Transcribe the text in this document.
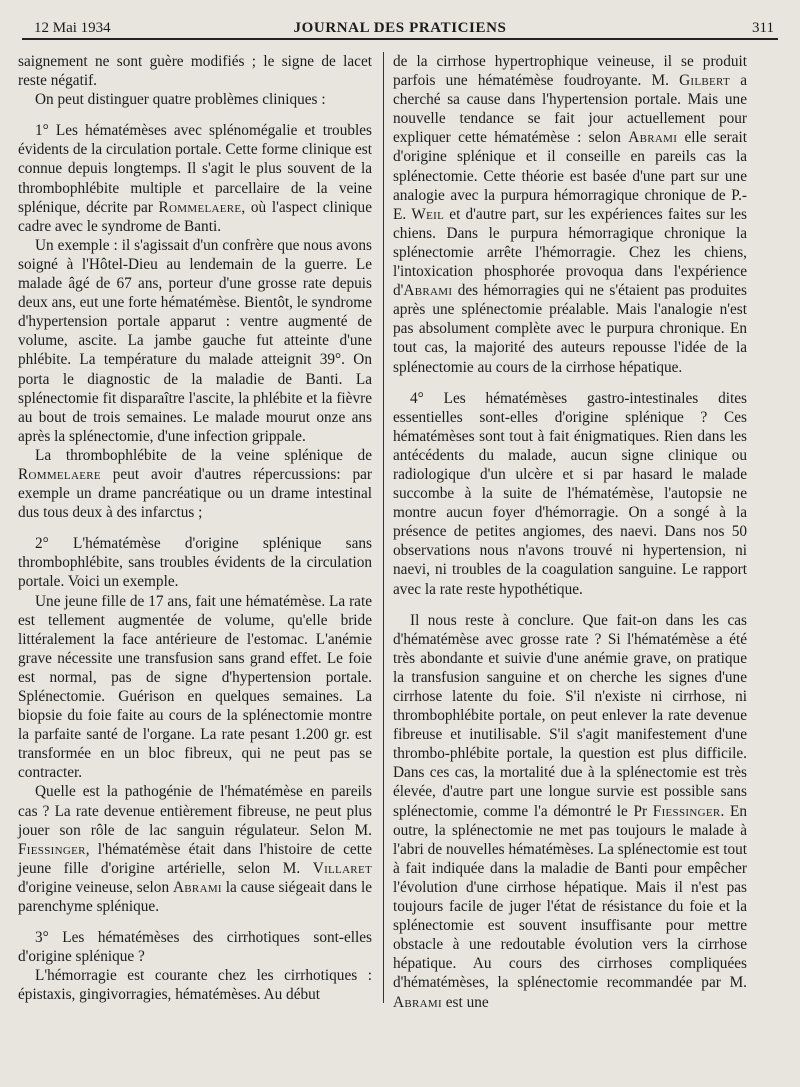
12 Mai 1934	JOURNAL DES PRATICIENS	311

saignement ne sont guère modifiés ; le signe de lacet reste négatif.

On peut distinguer quatre problèmes cliniques :

1° Les hématémèses avec splénomégalie et troubles évidents de la circulation portale. Cette forme clinique est connue depuis longtemps. Il s'agit le plus souvent de la thrombophlébite multiple et parcellaire de la veine splénique, décrite par Rommelaere, où l'aspect clinique cadre avec le syndrome de Banti.

Un exemple : il s'agissait d'un confrère que nous avons soigné à l'Hôtel-Dieu au lendemain de la guerre. Le malade âgé de 67 ans, porteur d'une grosse rate depuis deux ans, eut une forte hématémèse. Bientôt, le syndrome d'hypertension portale apparut : ventre augmenté de volume, ascite. La jambe gauche fut atteinte d'une phlébite. La température du malade atteignit 39°. On porta le diagnostic de la maladie de Banti. La splénectomie fit disparaître l'ascite, la phlébite et la fièvre au bout de trois semaines. Le malade mourut onze ans après la splénectomie, d'une infection grippale.

La thrombophlébite de la veine splénique de Rommelaere peut avoir d'autres répercussions: par exemple un drame pancréatique ou un drame intestinal dus tous deux à des infarctus ;

2° L'hématémèse d'origine splénique sans thrombophlébite, sans troubles évidents de la circulation portale. Voici un exemple.

Une jeune fille de 17 ans, fait une hématémèse. La rate est tellement augmentée de volume, qu'elle bride littéralement la face antérieure de l'estomac. L'anémie grave nécessite une transfusion sans grand effet. Le foie est normal, pas de signe d'hypertension portale. Splénectomie. Guérison en quelques semaines. La biopsie du foie faite au cours de la splénectomie montre la parfaite santé de l'organe. La rate pesant 1.200 gr. est transformée en un bloc fibreux, qui ne peut pas se contracter.

Quelle est la pathogénie de l'hématémèse en pareils cas ? La rate devenue entièrement fibreuse, ne peut plus jouer son rôle de lac sanguin régulateur. Selon M. Fiessinger, l'hématémèse était dans l'histoire de cette jeune fille d'origine artérielle, selon M. Villaret d'origine veineuse, selon Abrami la cause siégeait dans le parenchyme splénique.

3° Les hématémèses des cirrhotiques sont-elles d'origine splénique ?

L'hémorragie est courante chez les cirrhotiques : épistaxis, gingivorragies, hématémèses. Au début

de la cirrhose hypertrophique veineuse, il se produit parfois une hématémèse foudroyante. M. Gilbert a cherché sa cause dans l'hypertension portale. Mais une nouvelle tendance se fait jour actuellement pour expliquer cette hématémèse : selon Abrami elle serait d'origine splénique et il conseille en pareils cas la splénectomie. Cette théorie est basée d'une part sur une analogie avec la purpura hémorragique chronique de P.-E. Weil et d'autre part, sur les expériences faites sur les chiens. Dans le purpura hémorragique chronique la splénectomie arrête l'hémorragie. Chez les chiens, l'intoxication phosphorée provoqua dans l'expérience d'Abrami des hémorragies qui ne s'étaient pas produites après une splénectomie préalable. Mais l'analogie n'est pas absolument complète avec le purpura chronique. En tout cas, la majorité des auteurs repousse l'idée de la splénectomie au cours de la cirrhose hépatique.

4° Les hématémèses gastro-intestinales dites essentielles sont-elles d'origine splénique ? Ces hématémèses sont tout à fait énigmatiques. Rien dans les antécédents du malade, aucun signe clinique ou radiologique d'un ulcère et si par hasard le malade succombe à la suite de l'hématémèse, l'autopsie ne montre aucun foyer d'hémorragie. On a songé à la présence de petites angiomes, des naevi. Dans nos 50 observations nous n'avons trouvé ni hypertension, ni naevi, ni troubles de la coagulation sanguine. Le rapport avec la rate reste hypothétique.

Il nous reste à conclure. Que fait-on dans les cas d'hématémèse avec grosse rate ? Si l'hématémèse a été très abondante et suivie d'une anémie grave, on pratique la transfusion sanguine et on cherche les signes d'une cirrhose latente du foie. S'il n'existe ni cirrhose, ni thrombophlébite portale, on peut enlever la rate devenue fibreuse et inutilisable. S'il s'agit manifestement d'une thrombo-phlébite portale, la question est plus difficile. Dans ces cas, la mortalité due à la splénectomie est très élevée, d'autre part une longue survie est possible sans splénectomie, comme l'a démontré le Pr Fiessinger. En outre, la splénectomie ne met pas toujours le malade à l'abri de nouvelles hématémèses. La splénectomie est tout à fait indiquée dans la maladie de Banti pour empêcher l'évolution d'une cirrhose hépatique. Mais il n'est pas toujours facile de juger l'état de résistance du foie et la splénectomie est souvent insuffisante pour mettre obstacle à une redoutable évolution vers la cirrhose hépatique. Au cours des cirrhoses compliquées d'hématémèses, la splénectomie recommandée par M. Abrami est une
